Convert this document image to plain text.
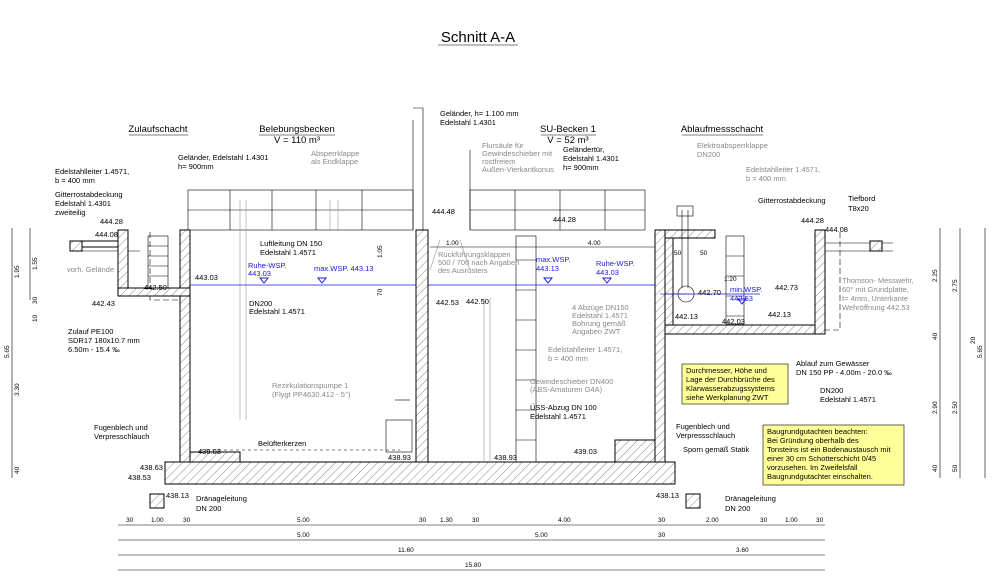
Schnitt A-A
Zulaufschacht	Belebungsbecken
V = 110 m³
SU-Becken 1
V = 52 m³
Ablaufmessschacht
Ruhe-WSP.
443.03
max.WSP. 443.13
max.WSP.
443.13
Ruhe-WSP.
443.03
min.WSP.
442.53
Geländer, Edelstahl 1.4301
h= 900mm
Absperrklappe
als Endklappe
Edelstahlleiter 1.4571,
b = 400 mm
Gitterrostabdeckung
Edelstahl 1.4301
zweiteilig
Luftleitung DN 150
Edelstahl 1.4571
vorh. Gelände
DN200
Edelstahl 1.4571
Zulauf PE100
SDR17 180x10.7 mm
6.50m - 15.4 ‰
Rezirkulationspumpe 1
(Flygt PP4630.412 - 5°)
Fugenblech und
Verpresschlauch
Belüfterkerzen
Geländer, h= 1.100 mm
Edelstahl 1.4301
Flursäule für
Gewindeschieber mit
rostfreiem
Außen-Vierkantkonus
Geländertür,
Edelstahl 1.4301
h= 900mm
Rückführungsklappen
500 / 700 nach Angaben
des Ausrüsters
4 Abzüge DN150
Edelstahl 1.4571
Bohrung gemäß
Angaben ZWT
Edelstahlleiter 1.4571,
b = 400 mm
Gewindeschieber DN400
(ABS-Amaturen G4A)
ÜSS-Abzug DN 100
Edelstahl 1.4571
Elektroabsperrklappe
DN200
Edelstahlleiter 1.4571,
b = 400 mm
Gitterrostabdeckung	Tiefbord
T8x20
Thomson- Messwehr,
60° mit Grundplatte,
t= 4mm, Unterkante
Wehröffnung 442.53
Ablauf zum Gewässer
DN 150 PP - 4.00m - 20.0 ‰
DN200
Edelstahl 1.4571
Fugenblech und
Verpressschlauch
Sporn gemäß Statik
Durchmesser, Höhe und
Lage der Durchbrüche des
Klarwasserabzugssystems
siehe Werkplanung ZWT
Baugrundgutachten beachten:
Bei Gründung oberhalb des
Tonsteins ist ein Bodenaustausch mit
einer 30 cm Schotterschicht 0/45
vorzusehen. Im Zweifelsfall
Baugrundgutachter einschalten.
438.13 Dränageleitung
DN 200
438.13	Dränageleitung
DN 200
444.28
444.08
443.03
442.50
442.43
444.48
444.28
442.53 442.50
444.28
444.08
442.70
442.73
442.13
442.03
442.13
439.03
438.93	438.93
439.03
438.63
438.53
1.00	4.00
50	50
1:20
1.05
70
1.95
1.55
30
10
5.65
3.30
40
2.25
2.75
40
5.65
2.90 2.50
40 50
20
30	1.00	30	5.00	30 1.30	30	4.00	30	2.00	30	1.00	30
5.00	5.00	30
11.60	3.60
15.80
